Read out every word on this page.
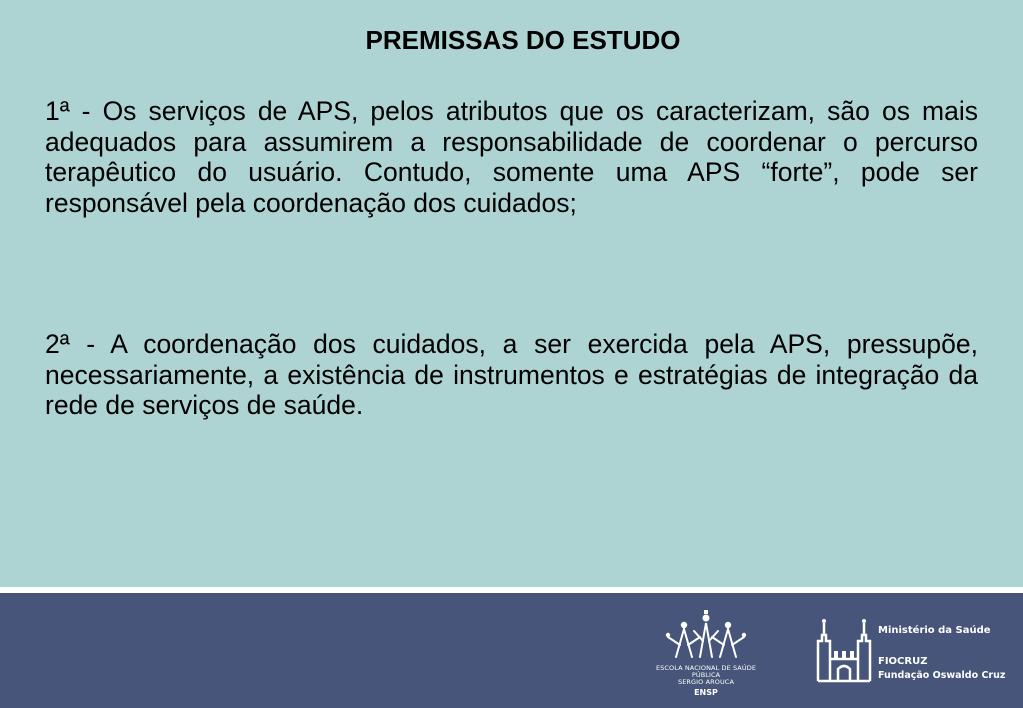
PREMISSAS DO ESTUDO

1ª - Os serviços de APS, pelos atributos que os caracterizam, são os mais adequados para assumirem a responsabilidade de coordenar o percurso terapêutico do usuário. Contudo, somente uma APS “forte”, pode ser responsável pela coordenação dos cuidados;

2ª - A coordenação dos cuidados, a ser exercida pela APS, pressupõe, necessariamente, a existência de instrumentos e estratégias de integração da rede de serviços de saúde.

ESCOLA NACIONAL DE SAÚDE PÚBLICA
SERGIO AROUCA
ENSP
Ministério da Saúde
FIOCRUZ
Fundação Oswaldo Cruz
